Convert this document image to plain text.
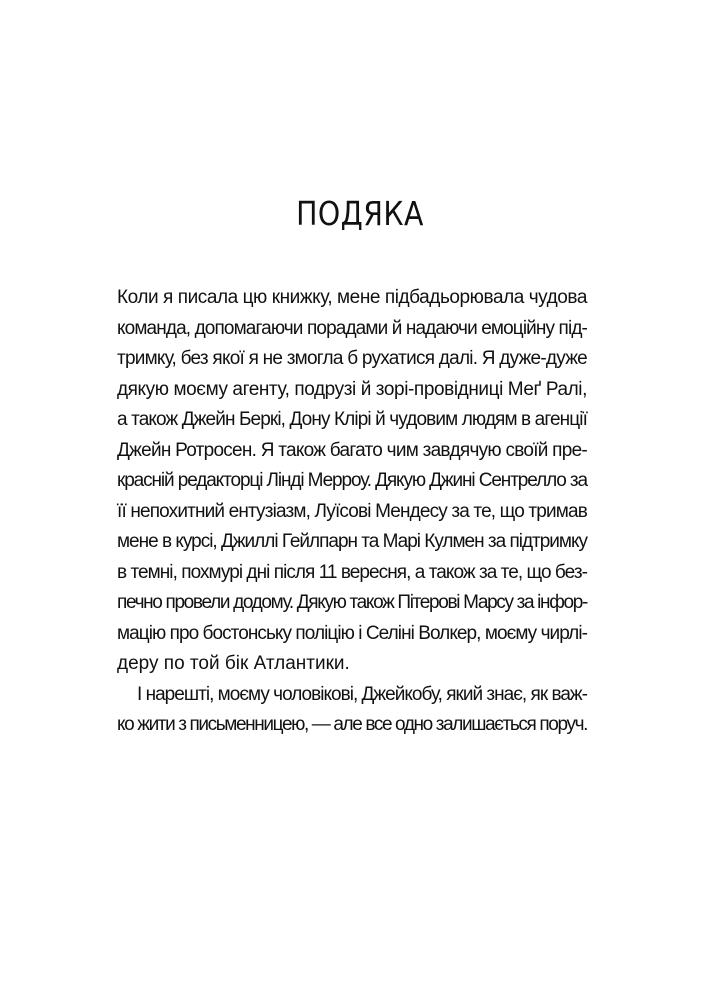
ПОДЯКА
Коли я писала цю книжку, мене підбадьорювала чудова
команда, допомагаючи порадами й надаючи емоційну під-
тримку, без якої я не змогла б рухатися далі. Я дуже-дуже
дякую моєму агенту, подрузі й зорі-провідниці Меґ Ралі,
а також Джейн Беркі, Дону Клірі й чудовим людям в агенції
Джейн Ротросен. Я також багато чим завдячую своїй пре-
красній редакторці Лінді Мерроу. Дякую Джині Сентрелло за
її непохитний ентузіазм, Луїсові Мендесу за те, що тримав
мене в курсі, Джиллі Гейлпарн та Марі Кулмен за підтримку
в темні, похмурі дні після 11 вересня, а також за те, що без-
печно провели додому. Дякую також Пітерові Марсу за інфор-
мацію про бостонську поліцію і Селіні Волкер, моєму чирлі-
деру по той бік Атлантики.
І нарешті, моєму чоловікові, Джейкобу, який знає, як важ-
ко жити з письменницею, — але все одно залишається поруч.
